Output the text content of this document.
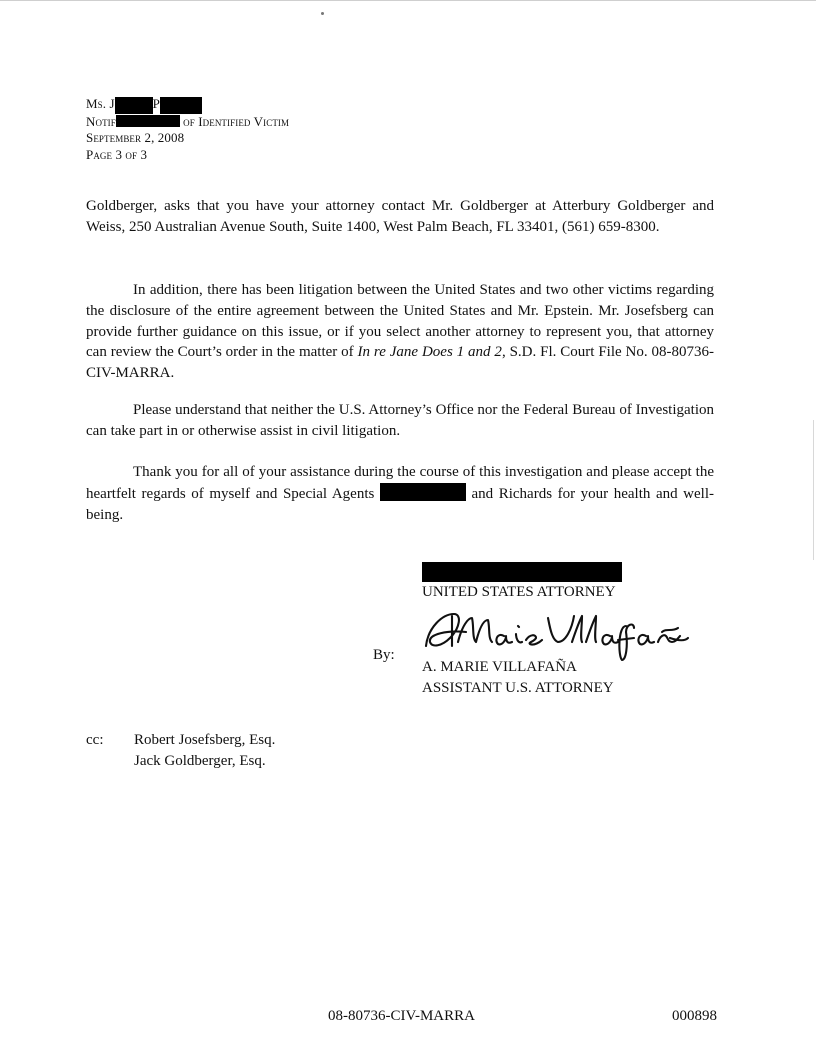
Ms. J	P
Notif	of Identified Victim
September 2, 2008
Page 3 of 3

Goldberger, asks that you have your attorney contact Mr. Goldberger at Atterbury Goldberger and Weiss, 250 Australian Avenue South, Suite 1400, West Palm Beach, FL 33401, (561) 659-8300.

In addition, there has been litigation between the United States and two other victims regarding the disclosure of the entire agreement between the United States and Mr. Epstein. Mr. Josefsberg can provide further guidance on this issue, or if you select another attorney to represent you, that attorney can review the Court’s order in the matter of In re Jane Does 1 and 2, S.D. Fl. Court File No. 08-80736-CIV-MARRA.

Please understand that neither the U.S. Attorney’s Office nor the Federal Bureau of Investigation can take part in or otherwise assist in civil litigation.

Thank you for all of your assistance during the course of this investigation and please accept the heartfelt regards of myself and Special Agents	and Richards for your health and well-being.

UNITED STATES ATTORNEY
A. MARIE VILLAFAÑA
ASSISTANT U.S. ATTORNEY
By:
cc:	Robert Josefsberg, Esq.
Jack Goldberger, Esq.
08-80736-CIV-MARRA	000898
